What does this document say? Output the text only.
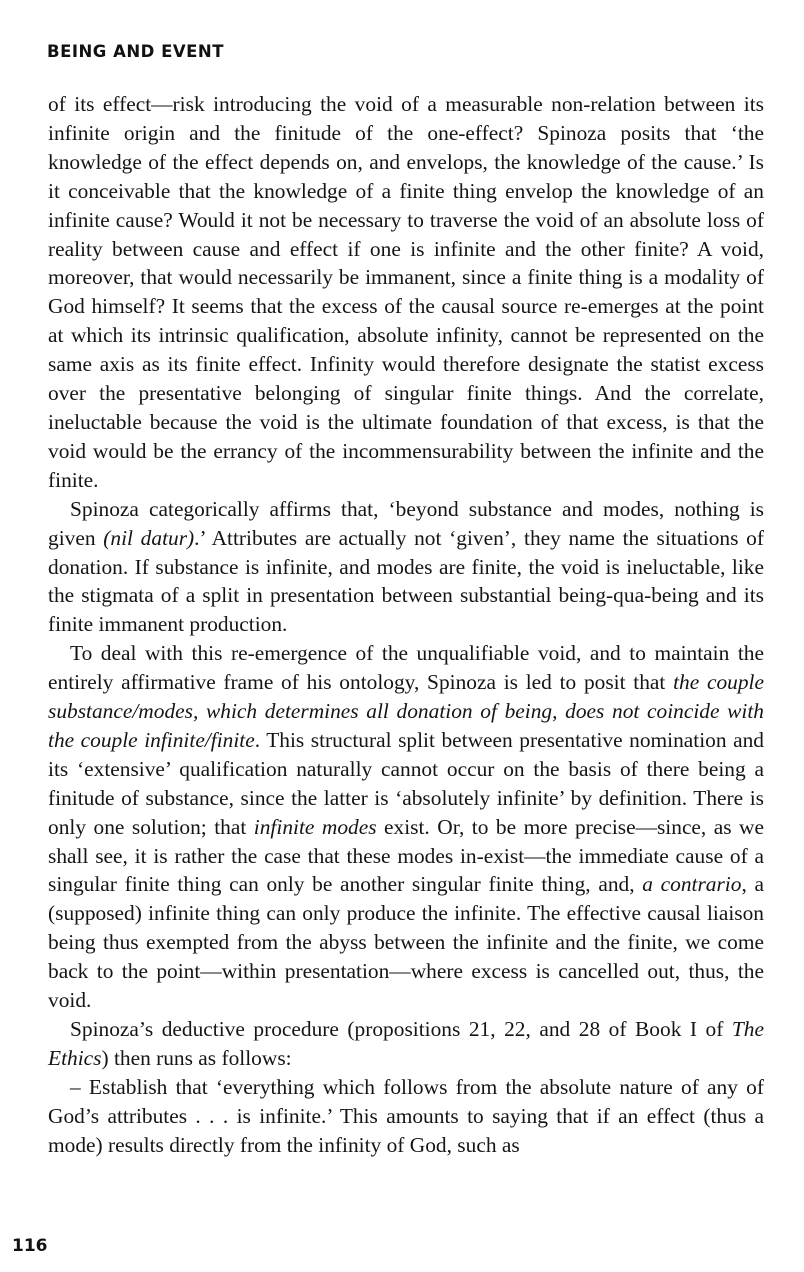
BEING AND EVENT

of its effect—risk introducing the void of a measurable non-relation between its infinite origin and the finitude of the one-effect? Spinoza posits that ‘the knowledge of the effect depends on, and envelops, the knowledge of the cause.’ Is it conceivable that the knowledge of a finite thing envelop the knowledge of an infinite cause? Would it not be necessary to traverse the void of an absolute loss of reality between cause and effect if one is infinite and the other finite? A void, moreover, that would necessarily be immanent, since a finite thing is a modality of God himself? It seems that the excess of the causal source re-emerges at the point at which its intrinsic qualification, absolute infinity, cannot be represented on the same axis as its finite effect. Infinity would therefore designate the statist excess over the presentative belonging of singular finite things. And the correlate, ineluctable because the void is the ultimate foundation of that excess, is that the void would be the errancy of the incommensurability between the infinite and the finite.

Spinoza categorically affirms that, ‘beyond substance and modes, nothing is given (nil datur).’ Attributes are actually not ‘given’, they name the situations of donation. If substance is infinite, and modes are finite, the void is ineluctable, like the stigmata of a split in presentation between substantial being-qua-being and its finite immanent production.

To deal with this re-emergence of the unqualifiable void, and to maintain the entirely affirmative frame of his ontology, Spinoza is led to posit that the couple substance/modes, which determines all donation of being, does not coincide with the couple infinite/finite. This structural split between presentative nomination and its ‘extensive’ qualification naturally cannot occur on the basis of there being a finitude of substance, since the latter is ‘absolutely infinite’ by definition. There is only one solution; that infinite modes exist. Or, to be more precise—since, as we shall see, it is rather the case that these modes in-exist—the immediate cause of a singular finite thing can only be another singular finite thing, and, a contrario, a (supposed) infinite thing can only produce the infinite. The effective causal liaison being thus exempted from the abyss between the infinite and the finite, we come back to the point—within presentation—where excess is cancelled out, thus, the void.

Spinoza’s deductive procedure (propositions 21, 22, and 28 of Book I of The Ethics) then runs as follows:

– Establish that ‘everything which follows from the absolute nature of any of God’s attributes . . . is infinite.’ This amounts to saying that if an effect (thus a mode) results directly from the infinity of God, such as

116
